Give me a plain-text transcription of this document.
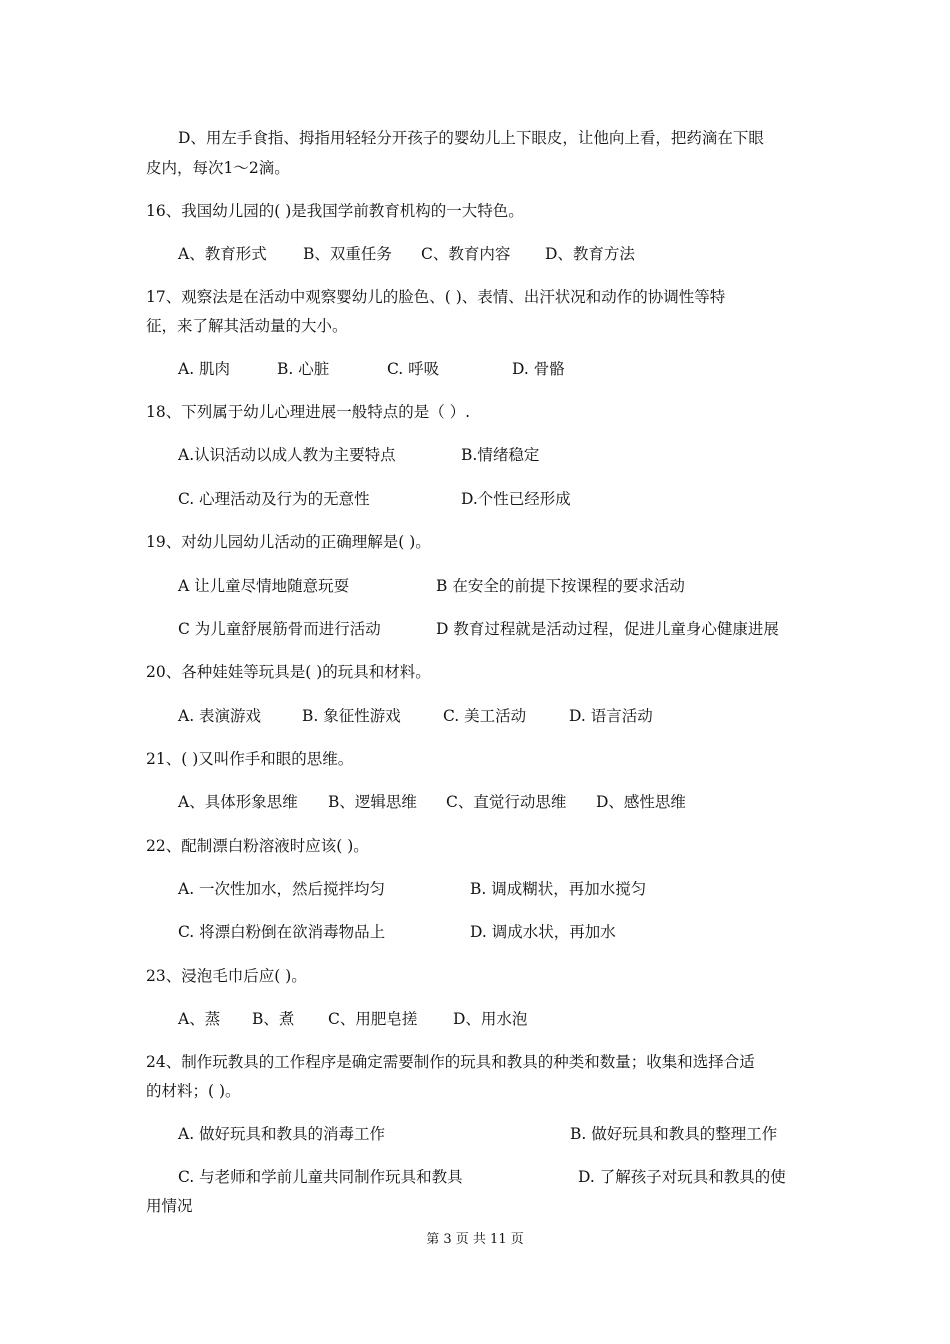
D、用左手食指、拇指用轻轻分开孩子的婴幼儿上下眼皮，让他向上看，把药滴在下眼
皮内，每次1～2滴。
16、我国幼儿园的( )是我国学前教育机构的一大特色。
A、教育形式 B、双重任务 C、教育内容 D、教育方法
17、观察法是在活动中观察婴幼儿的脸色、( )、表情、出汗状况和动作的协调性等特
征，来了解其活动量的大小。
A. 肌肉	B. 心脏	C. 呼吸	D. 骨骼
18、下列属于幼儿心理进展一般特点的是（ ）.
A.认识活动以成人教为主要特点	B.情绪稳定
C. 心理活动及行为的无意性	D.个性已经形成
19、对幼儿园幼儿活动的正确理解是( )。
A 让儿童尽情地随意玩耍	B 在安全的前提下按课程的要求活动
C 为儿童舒展筋骨而进行活动	D 教育过程就是活动过程，促进儿童身心健康进展
20、各种娃娃等玩具是( )的玩具和材料。
A. 表演游戏	B. 象征性游戏	C. 美工活动	D. 语言活动
21、( )又叫作手和眼的思维。
A、具体形象思维 B、逻辑思维 C、直觉行动思维 D、感性思维
22、配制漂白粉溶液时应该( )。
A. 一次性加水，然后搅拌均匀	B. 调成糊状，再加水搅匀
C. 将漂白粉倒在欲消毒物品上	D. 调成水状，再加水
23、浸泡毛巾后应( )。
A、蒸 B、煮 C、用肥皂搓 D、用水泡
24、制作玩教具的工作程序是确定需要制作的玩具和教具的种类和数量；收集和选择合适
的材料；( )。
A. 做好玩具和教具的消毒工作	B. 做好玩具和教具的整理工作
C. 与老师和学前儿童共同制作玩具和教具	D. 了解孩子对玩具和教具的使
用情况
第 3 页 共 11 页
